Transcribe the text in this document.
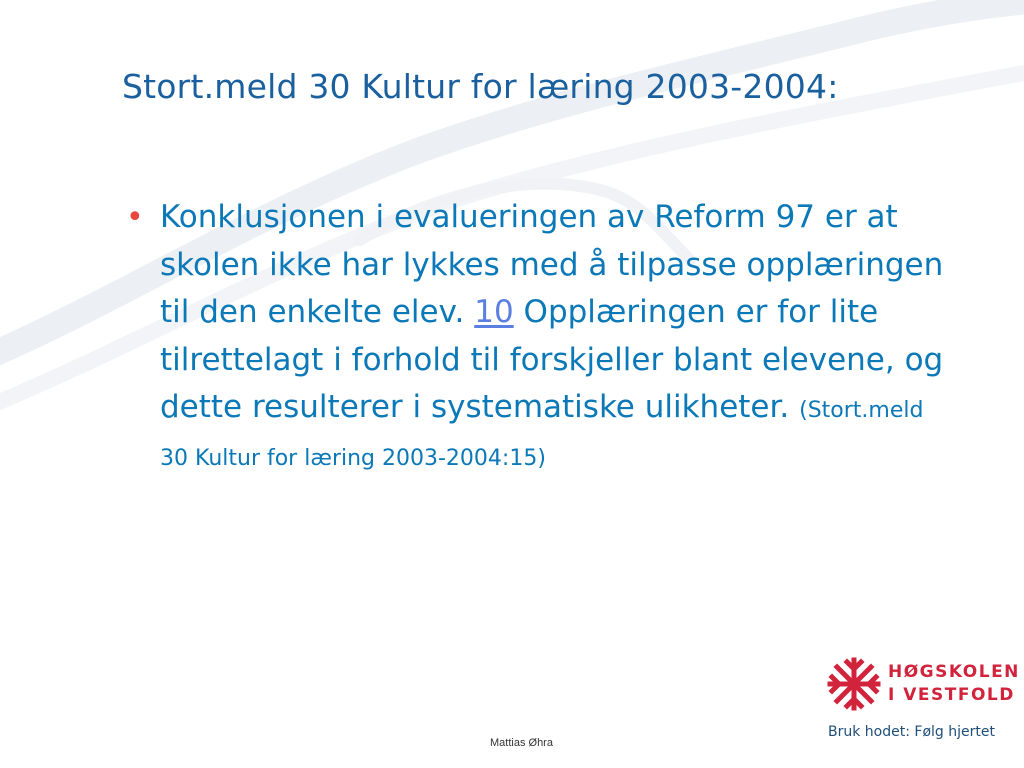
Stort.meld 30 Kultur for læring 2003-2004:
• Konklusjonen i evalueringen av Reform 97 er at skolen ikke har lykkes med å tilpasse opplæringen til den enkelte elev. 10 Opplæringen er for lite tilrettelagt i forhold til forskjeller blant elevene, og dette resulterer i systematiske ulikheter. (Stort.meld 30 Kultur for læring 2003-2004:15)
Mattias Øhra
HØGSKOLEN
I VESTFOLD
Bruk hodet: Følg hjertet
